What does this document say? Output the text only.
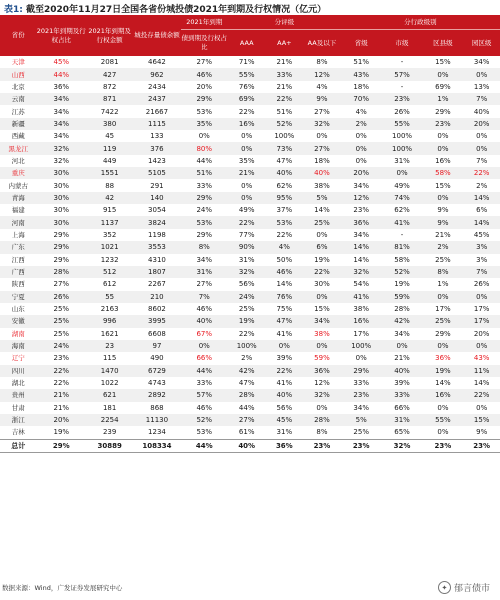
表1: 截至2020年11月27日全国各省份城投债2021年到期及行权情况（亿元）
省份	2021年到期及行权占比	2021年到期及行权金额	城投存量债余额	2021年到期	分评级			分行政级别			
				债到期及行权占比	AAA	AA+	AA及以下	省级	市级	区县级	园区级
天津	45%	2081	4642	27%	71%	21%	8%	51%	-	15%	34%
山西	44%	427	962	46%	55%	33%	12%	43%	57%	0%	0%
北京	36%	872	2434	20%	76%	21%	4%	18%	-	69%	13%
云南	34%	871	2437	29%	69%	22%	9%	70%	23%	1%	7%
江苏	34%	7422	21667	53%	22%	51%	27%	4%	26%	29%	40%
新疆	34%	380	1115	35%	16%	52%	32%	2%	55%	23%	20%
西藏	34%	45	133	0%	0%	100%	0%	0%	100%	0%	0%
黑龙江	32%	119	376	80%	0%	73%	27%	0%	100%	0%	0%
河北	32%	449	1423	44%	35%	47%	18%	0%	31%	16%	7%
重庆	30%	1551	5105	51%	21%	40%	40%	20%	0%	58%	22%
内蒙古	30%	88	291	33%	0%	62%	38%	34%	49%	15%	2%
青海	30%	42	140	29%	0%	95%	5%	12%	74%	0%	14%
福建	30%	915	3054	24%	49%	37%	14%	23%	62%	9%	6%
河南	30%	1137	3824	53%	22%	53%	25%	36%	41%	9%	14%
上海	29%	352	1198	29%	77%	22%	0%	34%	-	21%	45%
广东	29%	1021	3553	8%	90%	4%	6%	14%	81%	2%	3%
江西	29%	1232	4310	34%	31%	50%	19%	14%	58%	25%	3%
广西	28%	512	1807	31%	32%	46%	22%	32%	52%	8%	7%
陕西	27%	612	2267	27%	56%	14%	30%	54%	19%	1%	26%
宁夏	26%	55	210	7%	24%	76%	0%	41%	59%	0%	0%
山东	25%	2163	8602	46%	25%	75%	15%	38%	28%	17%	17%
安徽	25%	996	3995	40%	19%	47%	34%	16%	42%	25%	17%
湖南	25%	1621	6608	67%	22%	41%	38%	17%	34%	29%	20%
海南	24%	23	97	0%	100%	0%	0%	100%	0%	0%	0%
辽宁	23%	115	490	66%	2%	39%	59%	0%	21%	36%	43%
四川	22%	1470	6729	44%	42%	22%	36%	29%	40%	19%	11%
湖北	22%	1022	4743	33%	47%	41%	12%	33%	39%	14%	14%
贵州	21%	621	2892	57%	28%	40%	32%	23%	33%	16%	22%
甘肃	21%	181	868	46%	44%	56%	0%	34%	66%	0%	0%
浙江	20%	2254	11130	52%	27%	45%	28%	5%	31%	55%	15%
吉林	19%	239	1234	53%	61%	31%	8%	25%	65%	0%	9%
总计	29%	30889	108334	44%	40%	36%	23%	23%	32%	23%	23%
数据来源：Wind，广发证券发展研究中心	✦ 郁言债市
